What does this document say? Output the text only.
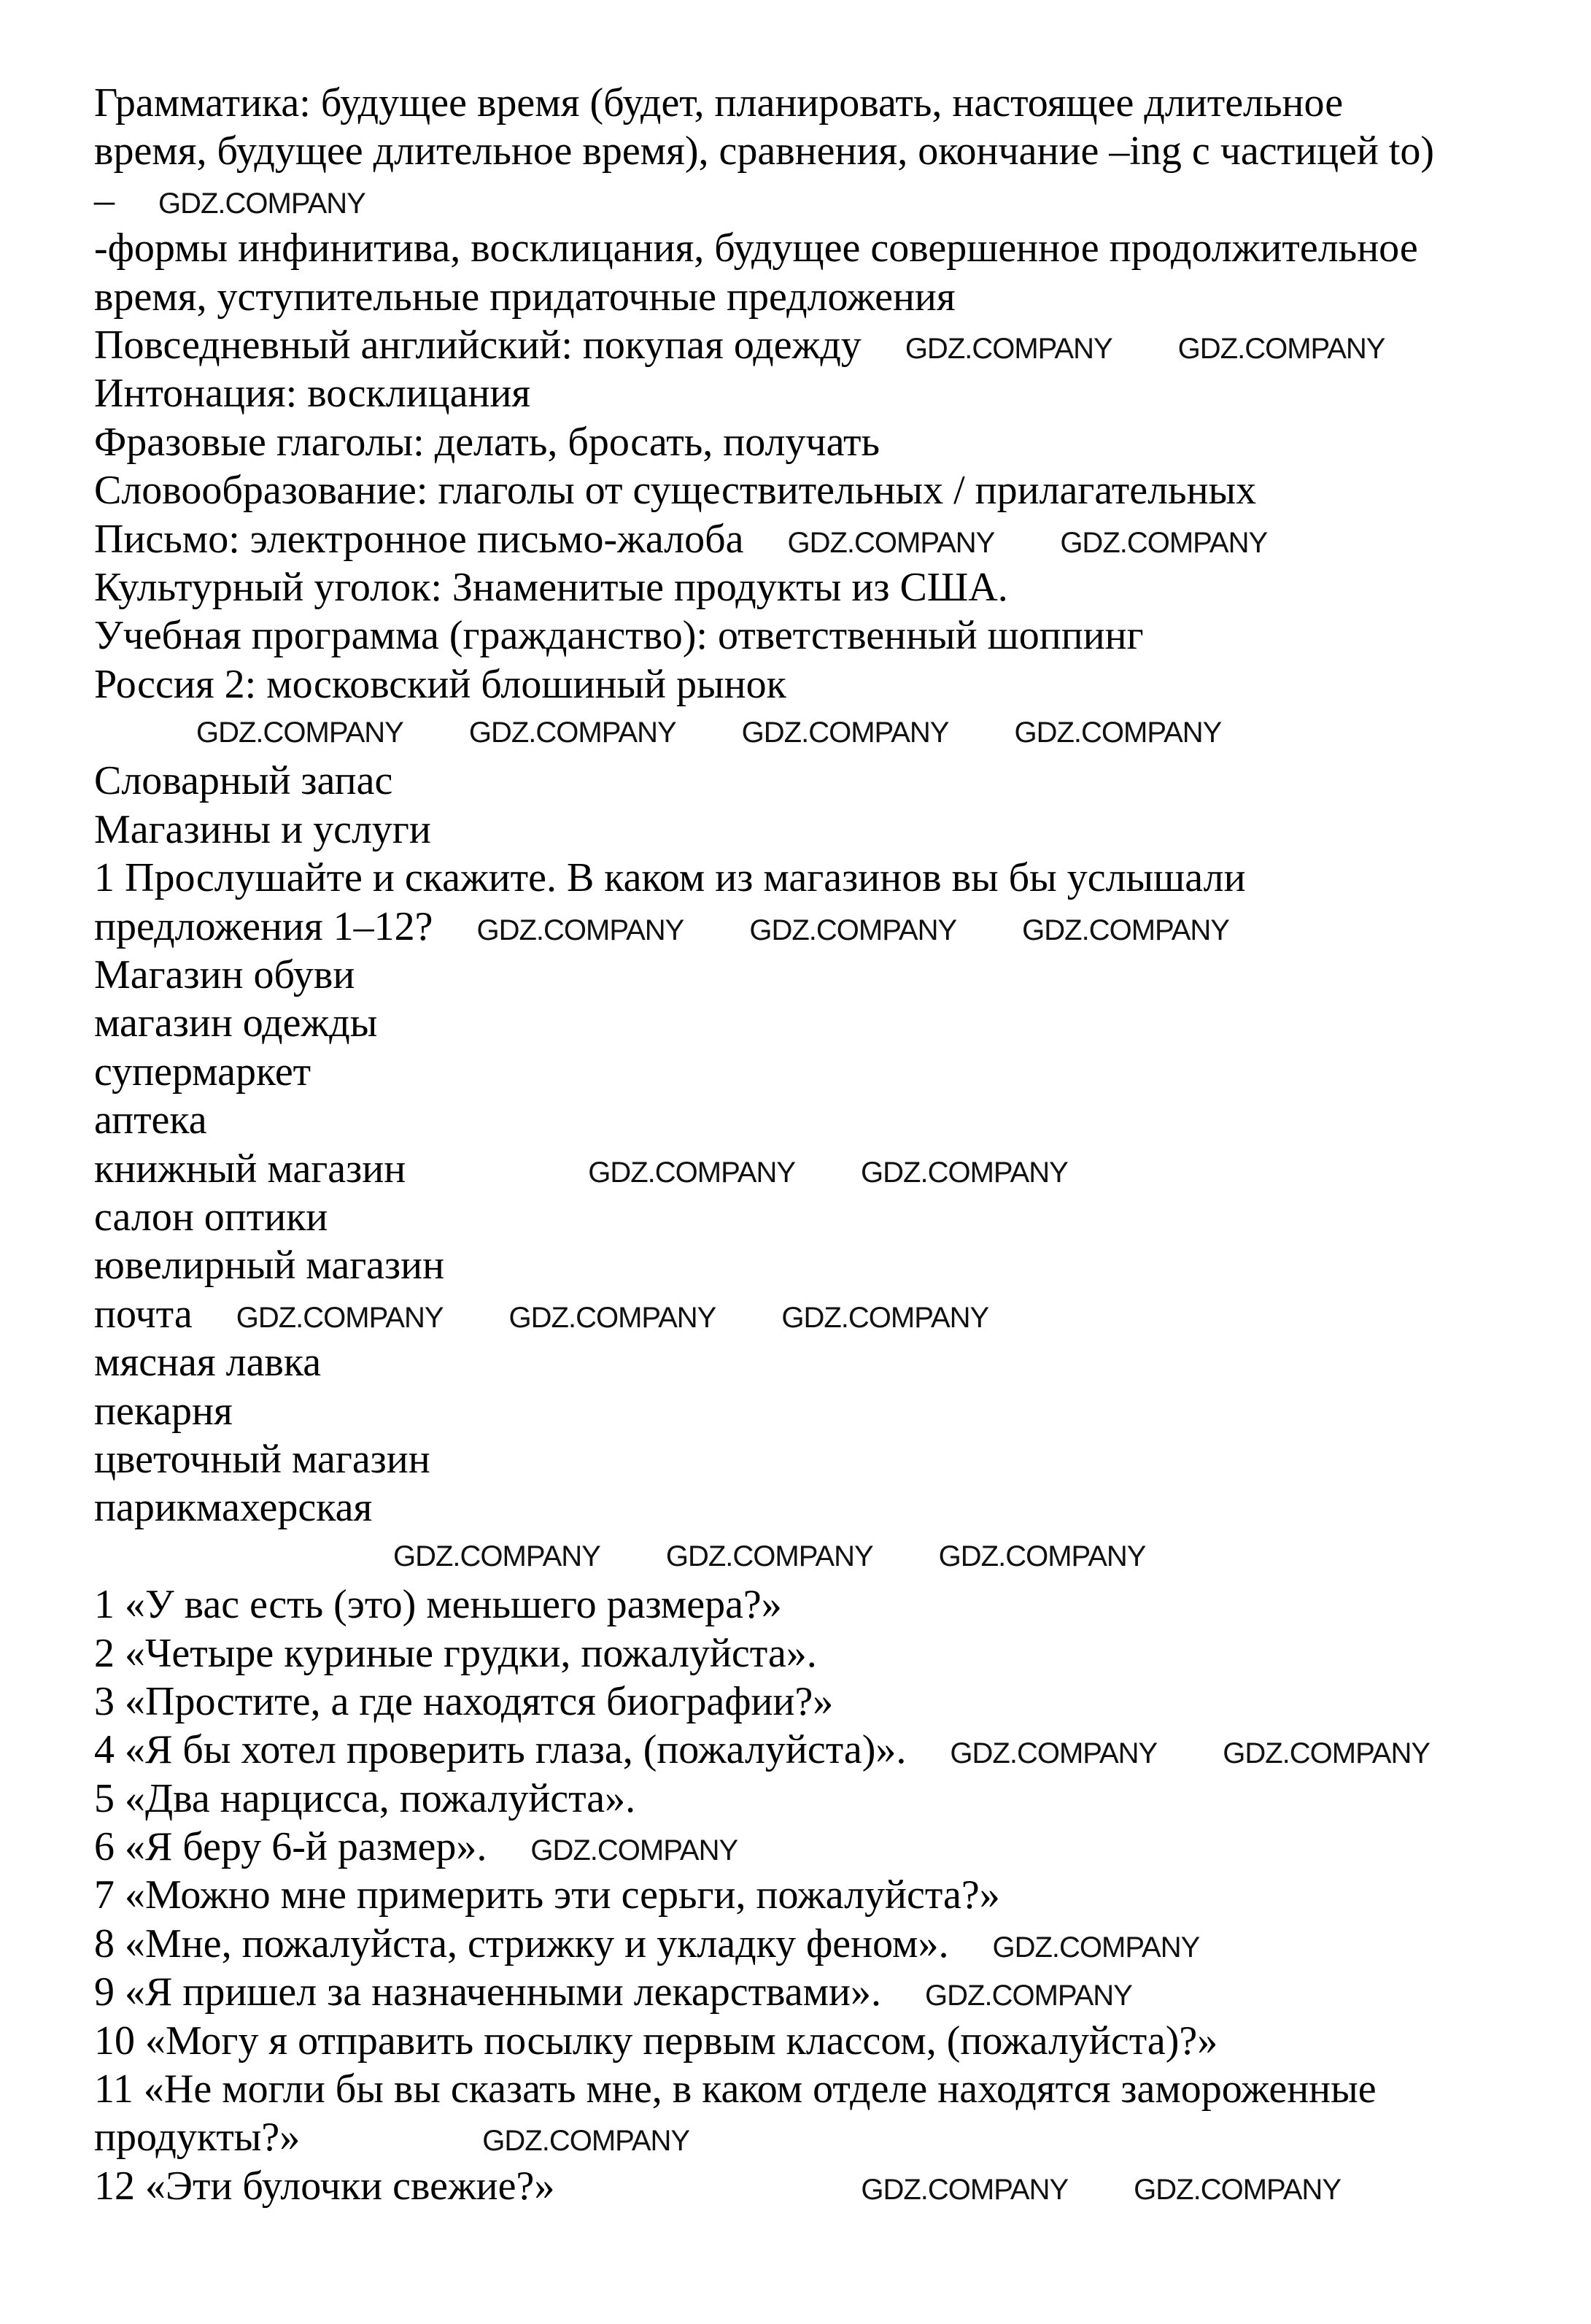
Грамматика: будущее время (будет, планировать, настоящее длительное
время, будущее длительное время), сравнения, окончание –ing с частицей to)
– GDZ.COMPANY
-формы инфинитива, восклицания, будущее совершенное продолжительное
время, уступительные придаточные предложения
Повседневный английский: покупая одежду GDZ.COMPANY GDZ.COMPANY
Интонация: восклицания
Фразовые глаголы: делать, бросать, получать
Словообразование: глаголы от существительных / прилагательных
Письмо: электронное письмо-жалоба GDZ.COMPANY GDZ.COMPANY
Культурный уголок: Знаменитые продукты из США.
Учебная программа (гражданство): ответственный шоппинг
Россия 2: московский блошиный рынок
GDZ.COMPANY GDZ.COMPANY GDZ.COMPANY GDZ.COMPANY
Словарный запас
Магазины и услуги
1 Прослушайте и скажите. В каком из магазинов вы бы услышали
предложения 1–12? GDZ.COMPANY GDZ.COMPANY GDZ.COMPANY
Магазин обуви
магазин одежды
супермаркет
аптека
книжный магазин	GDZ.COMPANY GDZ.COMPANY
салон оптики
ювелирный магазин
почта GDZ.COMPANY GDZ.COMPANY GDZ.COMPANY
мясная лавка
пекарня
цветочный магазин
парикмахерская
GDZ.COMPANY GDZ.COMPANY GDZ.COMPANY
1 «У вас есть (это) меньшего размера?»
2 «Четыре куриные грудки, пожалуйста».
3 «Простите, а где находятся биографии?»
4 «Я бы хотел проверить глаза, (пожалуйста)». GDZ.COMPANY GDZ.COMPANY
5 «Два нарцисса, пожалуйста».
6 «Я беру 6-й размер». GDZ.COMPANY
7 «Можно мне примерить эти серьги, пожалуйста?»
8 «Мне, пожалуйста, стрижку и укладку феном». GDZ.COMPANY
9 «Я пришел за назначенными лекарствами». GDZ.COMPANY
10 «Могу я отправить посылку первым классом, (пожалуйста)?»
11 «Не могли бы вы сказать мне, в каком отделе находятся замороженные
продукты?»	GDZ.COMPANY
12 «Эти булочки свежие?»	GDZ.COMPANY GDZ.COMPANY
